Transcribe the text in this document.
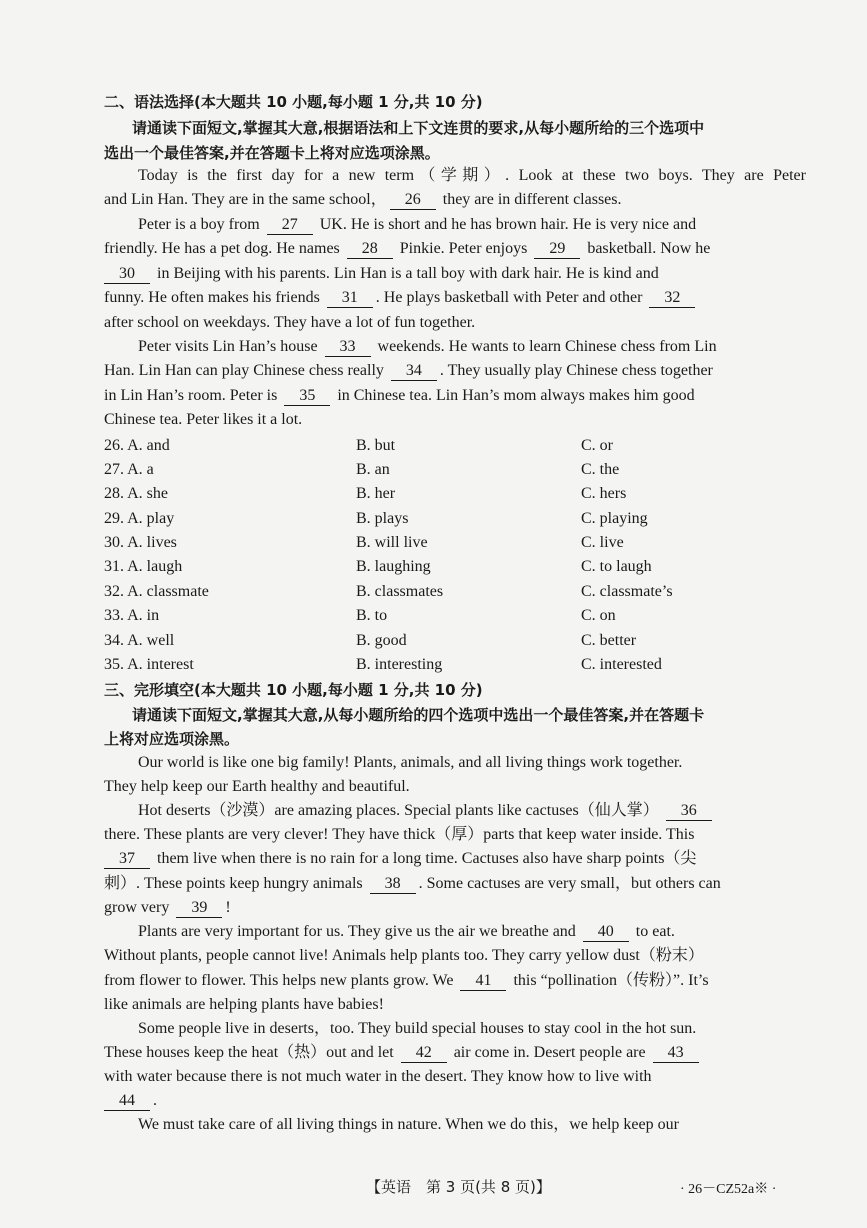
二、语法选择(本大题共 10 小题,每小题 1 分,共 10 分)
请通读下面短文,掌握其大意,根据语法和上下文连贯的要求,从每小题所给的三个选项中
选出一个最佳答案,并在答题卡上将对应选项涂黑。
Today is the first day for a new term（学期）. Look at these two boys. They are Peter
and Lin Han. They are in the same school， 26 they are in different classes.
Peter is a boy from 27 UK. He is short and he has brown hair. He is very nice and
friendly. He has a pet dog. He names 28 Pinkie. Peter enjoys 29 basketball. Now he
30 in Beijing with his parents. Lin Han is a tall boy with dark hair. He is kind and
funny. He often makes his friends 31 . He plays basketball with Peter and other 32
after school on weekdays. They have a lot of fun together.
Peter visits Lin Han’s house 33 weekends. He wants to learn Chinese chess from Lin
Han. Lin Han can play Chinese chess really 34 . They usually play Chinese chess together
in Lin Han’s room. Peter is 35 in Chinese tea. Lin Han’s mom always makes him good
Chinese tea. Peter likes it a lot.
26. A. and	B. but	C. or
27. A. a	B. an	C. the
28. A. she	B. her	C. hers
29. A. play	B. plays	C. playing
30. A. lives	B. will live	C. live
31. A. laugh	B. laughing	C. to laugh
32. A. classmate	B. classmates	C. classmate’s
33. A. in	B. to	C. on
34. A. well	B. good	C. better
35. A. interest	B. interesting	C. interested
三、完形填空(本大题共 10 小题,每小题 1 分,共 10 分)
请通读下面短文,掌握其大意,从每小题所给的四个选项中选出一个最佳答案,并在答题卡
上将对应选项涂黑。
Our world is like one big family! Plants, animals, and all living things work together.
They help keep our Earth healthy and beautiful.
Hot deserts（沙漠）are amazing places. Special plants like cactuses（仙人掌） 36
there. These plants are very clever! They have thick（厚）parts that keep water inside. This
37 them live when there is no rain for a long time. Cactuses also have sharp points（尖
刺）. These points keep hungry animals 38 . Some cactuses are very small，but others can
grow very 39 !
Plants are very important for us. They give us the air we breathe and 40 to eat.
Without plants, people cannot live! Animals help plants too. They carry yellow dust（粉末）
from flower to flower. This helps new plants grow. We 41 this “pollination（传粉）”. It’s
like animals are helping plants have babies!
Some people live in deserts，too. They build special houses to stay cool in the hot sun.
These houses keep the heat（热）out and let 42 air come in. Desert people are 43
with water because there is not much water in the desert. They know how to live with
44 .
We must take care of all living things in nature. When we do this，we help keep our
【英语　第 3 页(共 8 页)】	· 26－CZ52a※ ·
